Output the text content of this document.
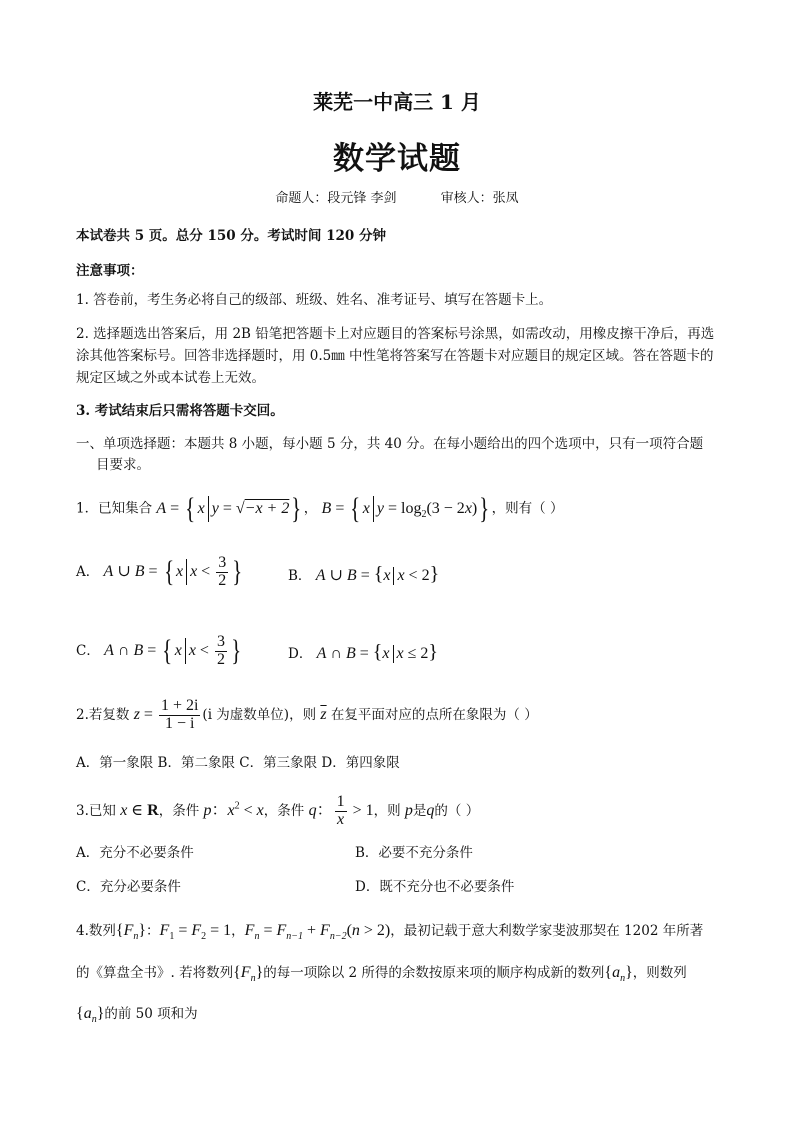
莱芜一中高三 1 月
数学试题
命题人：段元锋 李剑	审核人：张凤
本试卷共 5 页。总分 150 分。考试时间 120 分钟
注意事项：
1. 答卷前，考生务必将自己的级部、班级、姓名、准考证号、填写在答题卡上。
2. 选择题选出答案后，用 2B 铅笔把答题卡上对应题目的答案标号涂黑，如需改动，用橡皮擦干净后，再选涂其他答案标号。回答非选择题时，用 0.5㎜ 中性笔将答案写在答题卡对应题目的规定区域。答在答题卡的规定区域之外或本试卷上无效。
3. 考试结束后只需将答题卡交回。
一、单项选择题：本题共 8 小题，每小题 5 分，共 40 分。在每小题给出的四个选项中，只有一项符合题
目要求。
1．已知集合 A = { x y = √−x + 2} ， B = { x $y = \log_2(3 - 2x)$} ，则有（ ）
A． A ∪ B = { x $x < \frac{3}{2}$ }	B． A ∪ B = {x x < 2}
C． A ∩ B = { x $x < \frac{3}{2}$ }	D． A ∩ B = {x x ≤ 2}
2.若复数 $z = \frac{1 + 2i}{1 - i} (i$ 为虚数单位)，则 $\overline{z}$ 在复平面对应的点所在象限为（ ）
A．第一象限 B．第二象限 C．第三象限 D．第四象限
3.已知 x ∈ R，条件 p：$x^2 < x$，条件 q： $\frac{1}{x} > 1$，则 p是q的（ ）
A．充分不必要条件	B．必要不充分条件
C．充分必要条件	D．既不充分也不必要条件
4.数列$\{F_n\}$：$F_1 = F_2 = 1$，$F_n = F_{n-1} + F_{n-2}(n > 2)$，最初记载于意大利数学家斐波那契在 1202 年所著
的《算盘全书》. 若将数列$\{F_n\}$的每一项除以 2 所得的余数按原来项的顺序构成新的数列$\{a_n\}$，则数列
$\{a_n\}$的前 50 项和为
